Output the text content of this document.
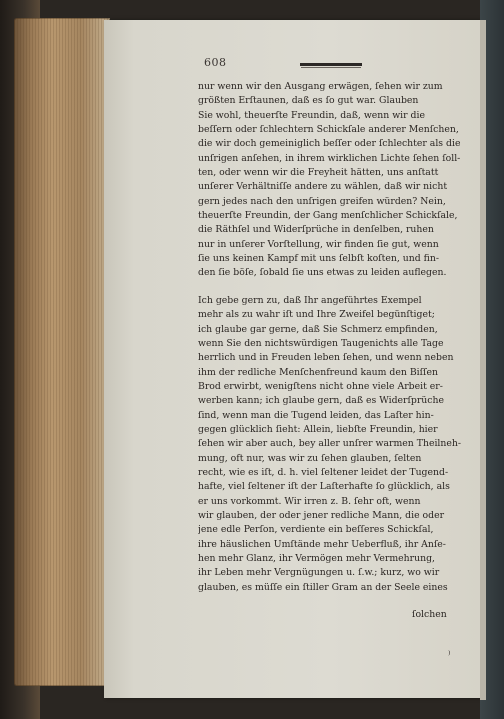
608
nur wenn wir den Ausgang erwägen, ſehen wir zum
größten Erſtaunen, daß es ſo gut war. Glauben
Sie wohl, theuerſte Freundin, daß, wenn wir die
beſſern oder ſchlechtern Schickſale anderer Menſchen,
die wir doch gemeiniglich beſſer oder ſchlechter als die
unſrigen anſehen, in ihrem wirklichen Lichte ſehen ſoll-
ten, oder wenn wir die Freyheit hätten, uns anſtatt
unſerer Verhältniſſe andere zu wählen, daß wir nicht
gern jedes nach den unſrigen greifen würden? Nein,
theuerſte Freundin, der Gang menſchlicher Schickſale,
die Räthſel und Widerſprüche in denſelben, ruhen
nur in unſerer Vorſtellung, wir finden ſie gut, wenn
ſie uns keinen Kampf mit uns ſelbſt koſten, und fin-
den ſie böſe, ſobald ſie uns etwas zu leiden auflegen.
Ich gebe gern zu, daß Ihr angeführtes Exempel
mehr als zu wahr iſt und Ihre Zweifel begünſtiget;
ich glaube gar gerne, daß Sie Schmerz empfinden,
wenn Sie den nichtswürdigen Taugenichts alle Tage
herrlich und in Freuden leben ſehen, und wenn neben
ihm der redliche Menſchenfreund kaum den Biſſen
Brod erwirbt, wenigſtens nicht ohne viele Arbeit er-
werben kann; ich glaube gern, daß es Widerſprüche
ſind, wenn man die Tugend leiden, das Laſter hin-
gegen glücklich ſieht: Allein, liebſte Freundin, hier
ſehen wir aber auch, bey aller unſrer warmen Theilneh-
mung, oft nur, was wir zu ſehen glauben, ſelten
recht, wie es iſt, d. h. viel ſeltener leidet der Tugend-
hafte, viel ſeltener iſt der Laſterhafte ſo glücklich, als
er uns vorkommt. Wir irren z. B. ſehr oft, wenn
wir glauben, der oder jener redliche Mann, die oder
jene edle Perſon, verdiente ein beſſeres Schickſal,
ihre häuslichen Umſtände mehr Ueberfluß, ihr Anſe-
hen mehr Glanz, ihr Vermögen mehr Vermehrung,
ihr Leben mehr Vergnügungen u. ſ.w.; kurz, wo wir
glauben, es müſſe ein ſtiller Gram an der Seele eines
ſolchen
⁾
